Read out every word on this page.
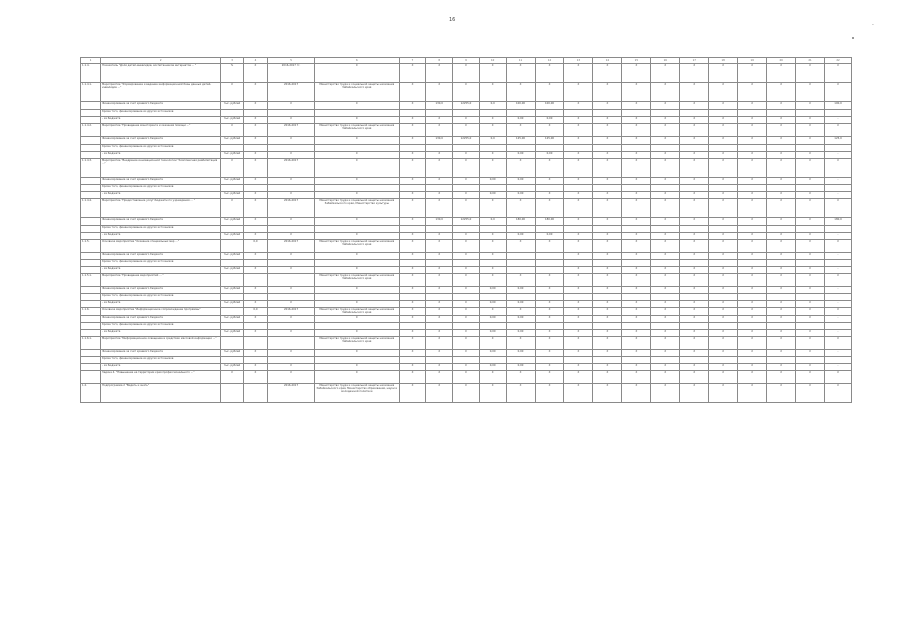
16
-
1	2	3	4	5	6	7	8	9	10	11	12	13	14	15	16	17	18	19	20	21	22
1.1.4.	Показатель "Доля детей-инвалидов, воспитанников интернатов ... "	%	Х	2016-2017 гг.	Х	Х	Х	Х	Х	Х	Х	Х	Х	Х	Х	Х	Х	Х	Х	Х	Х
1.1.4.1.	Мероприятие "Формирование и ведение информационной базы данных детей-инвалидов ..."	Х	Х	2016-2017	Министерство труда и социальной защиты населения Забайкальского края	Х	Х	Х	Х	Х	Х	Х	Х	Х	Х	Х	Х	Х	Х	Х	Х
	Финансирование за счет краевого бюджета	тыс. рублей	Х	Х	Х	Х	130,0	12255,0	0,0	100,00	100,00	Х	Х	Х	Х	Х	Х	Х	Х	Х	100,0
	Кроме того, финансирование из других источников																				
	- из бюджета	тыс. рублей	Х	Х	Х	Х	Х	Х	Х	0,00	0,00	Х	Х	Х	Х	Х	Х	Х	Х	Х	-
1.1.4.2.	Мероприятие "Проведение мониторинга и оказания помощи ..."	Х	Х	2016-2017	Министерство труда и социальной защиты населения Забайкальского края	Х	Х	Х	Х	Х	Х	Х	Х	Х	Х	Х	Х	Х	Х	Х	Х
	Финансирование за счет краевого бюджета	тыс. рублей	Х	Х	Х	Х	130,0	12255,0	0,0	125,00	125,00	Х	Х	Х	Х	Х	Х	Х	Х	Х	125,0
	Кроме того, финансирование из других источников																				
	- из бюджета	тыс. рублей	Х	Х	Х	Х	Х	Х	Х	0,00	0,00	Х	Х	Х	Х	Х	Х	Х	Х	Х	-
1.1.4.3.	Мероприятие "Внедрение инновационной технологии "Комплексная реабилитация ..."	Х	Х	2016-2017	Х	Х	Х	Х	Х	Х	Х	Х	Х	Х	Х	Х	Х	Х	Х	Х	Х
	Финансирование за счет краевого бюджета	тыс. рублей	Х	Х	Х	Х	Х	Х	0,00	0,00	Х	Х	Х	Х	Х	Х	Х	Х	Х	Х	-
	Кроме того, финансирование из других источников																				
	- из бюджета	тыс. рублей	Х	Х	Х	Х	Х	Х	0,00	0,00	Х	Х	Х	Х	Х	Х	Х	Х	Х	Х	-
1.1.4.4.	Мероприятие "Предоставление услуг бюджетного учреждения ... "	Х	Х	2016-2017	Министерство труда и социальной защиты населения Забайкальского края, Министерство культуры	Х	Х	Х	Х	Х	Х	Х	Х	Х	Х	Х	Х	Х	Х	Х	Х
	Финансирование за счет краевого бюджета	тыс. рублей	Х	Х	Х	Х	130,0	12255,0	0,0	180,00	180,00	Х	Х	Х	Х	Х	Х	Х	Х	Х	180,0
	Кроме того, финансирование из других источников																				
	- из бюджета	тыс. рублей	Х	Х	Х	Х	Х	Х	Х	0,00	0,00	Х	Х	Х	Х	Х	Х	Х	Х	Х	-
1.1.5.	Основное мероприятие "Оказание специальных мер ..."		0,0	2016-2017	Министерство труда и социальной защиты населения Забайкальского края	Х	Х	Х	Х	Х	Х	Х	Х	Х	Х	Х	Х	Х	Х	Х	Х
	Финансирование за счет краевого бюджета	тыс. рублей	Х	Х	Х	Х	Х	Х	Х			Х	Х	Х	Х	Х	Х	Х	Х	Х	-
	Кроме того, финансирование из других источников																				
	- из бюджета	тыс. рублей	Х	Х	Х	Х	Х	Х	Х			Х	Х	Х	Х	Х	Х	Х	Х	Х	-
1.1.5.1.	Мероприятие "Проведение мероприятий ... "				Министерство труда и социальной защиты населения Забайкальского края	Х	Х	Х	Х	Х	Х	Х	Х	Х	Х	Х	Х	Х	Х	Х	Х
	Финансирование за счет краевого бюджета	тыс. рублей	Х	Х	Х	Х	Х	Х	0,00	0,00	Х	Х	Х	Х	Х	Х	Х	Х	Х	Х	-
	Кроме того, финансирование из других источников																				
	- из бюджета	тыс. рублей	Х	Х	Х	Х	Х	Х	0,00	0,00	Х	Х	Х	Х	Х	Х	Х	Х	Х	Х	-
1.1.6.	Основное мероприятие "Информационное сопровождение программы"		0,0	2016-2017	Министерство труда и социальной защиты населения Забайкальского края	Х	Х	Х	Х	Х	Х	Х	Х	Х	Х	Х	Х	Х	Х	Х	Х
	Финансирование за счет краевого бюджета	тыс. рублей	Х	Х	Х	Х	Х	Х	0,00	0,00	Х	Х	Х	Х	Х	Х	Х	Х	Х	Х	-
	Кроме того, финансирование из других источников																				
	- из бюджета	тыс. рублей	Х	Х	Х	Х	Х	Х	0,00	0,00	Х	Х	Х	Х	Х	Х	Х	Х	Х	Х	-
1.1.6.1.	Мероприятие "Информационное освещение в средствах массовой информации ..."				Министерство труда и социальной защиты населения Забайкальского края	Х	Х	Х	Х	Х	Х	Х	Х	Х	Х	Х	Х	Х	Х	Х	Х
	Финансирование за счет краевого бюджета	тыс. рублей	Х	Х	Х	Х	Х	Х	0,00	0,00	Х	Х	Х	Х	Х	Х	Х	Х	Х	Х	-
	Кроме того, финансирование из других источников																				
	- из бюджета	тыс. рублей	Х	Х	Х	Х	Х	Х	0,00	0,00	Х	Х	Х	Х	Х	Х	Х	Х	Х	Х	-
	Задача 4. "Повышение на территории края профессионального ..."	Х	Х	Х	Х	Х	Х	Х	Х	Х	Х	Х	Х	Х	Х	Х	Х	Х	Х	Х	Х
1.2.	Подпрограмма 2 "Видеть и знать"			2016-2017	Министерство труда и социальной защиты населения Забайкальского края, Министерство образования, науки и молодежной политики	Х	Х	Х	Х	Х	Х	Х	Х	Х	Х	Х	Х	Х	Х	Х	Х
